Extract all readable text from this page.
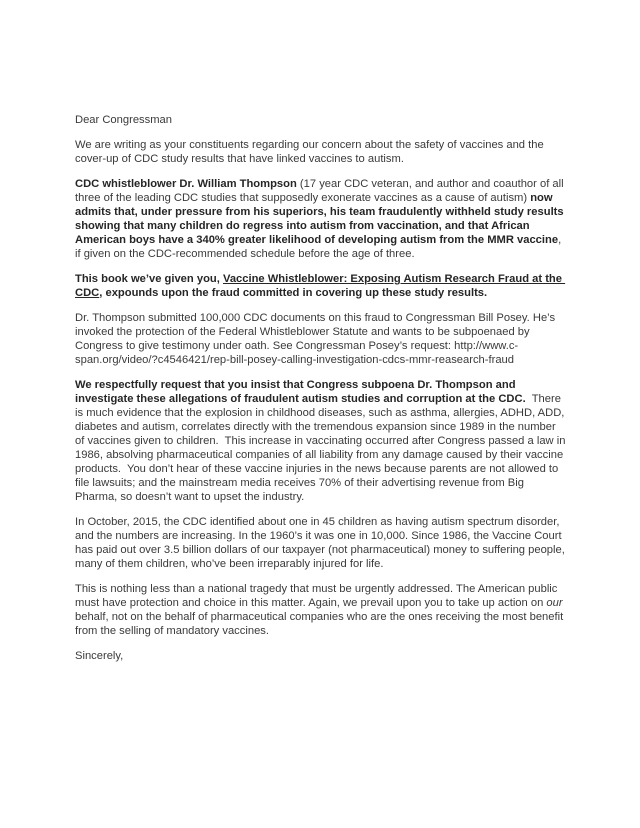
Dear Congressman

We are writing as your constituents regarding our concern about the safety of vaccines and the cover-up of CDC study results that have linked vaccines to autism.

CDC whistleblower Dr. William Thompson (17 year CDC veteran, and author and coauthor of all three of the leading CDC studies that supposedly exonerate vaccines as a cause of autism) now admits that, under pressure from his superiors, his team fraudulently withheld study results showing that many children do regress into autism from vaccination, and that African American boys have a 340% greater likelihood of developing autism from the MMR vaccine, if given on the CDC-recommended schedule before the age of three.

This book we’ve given you, Vaccine Whistleblower: Exposing Autism Research Fraud at the CDC, expounds upon the fraud committed in covering up these study results.

Dr. Thompson submitted 100,000 CDC documents on this fraud to Congressman Bill Posey. He’s invoked the protection of the Federal Whistleblower Statute and wants to be subpoenaed by Congress to give testimony under oath. See Congressman Posey’s request: http://www.c-span.org/video/?c4546421/rep-bill-posey-calling-investigation-cdcs-mmr-reasearch-fraud

We respectfully request that you insist that Congress subpoena Dr. Thompson and investigate these allegations of fraudulent autism studies and corruption at the CDC.  There is much evidence that the explosion in childhood diseases, such as asthma, allergies, ADHD, ADD, diabetes and autism, correlates directly with the tremendous expansion since 1989 in the number of vaccines given to children.  This increase in vaccinating occurred after Congress passed a law in 1986, absolving pharmaceutical companies of all liability from any damage caused by their vaccine products.  You don’t hear of these vaccine injuries in the news because parents are not allowed to file lawsuits; and the mainstream media receives 70% of their advertising revenue from Big Pharma, so doesn’t want to upset the industry.

In October, 2015, the CDC identified about one in 45 children as having autism spectrum disorder, and the numbers are increasing. In the 1960’s it was one in 10,000. Since 1986, the Vaccine Court has paid out over 3.5 billion dollars of our taxpayer (not pharmaceutical) money to suffering people, many of them children, who’ve been irreparably injured for life.

This is nothing less than a national tragedy that must be urgently addressed. The American public must have protection and choice in this matter. Again, we prevail upon you to take up action on our behalf, not on the behalf of pharmaceutical companies who are the ones receiving the most benefit from the selling of mandatory vaccines.

Sincerely,
